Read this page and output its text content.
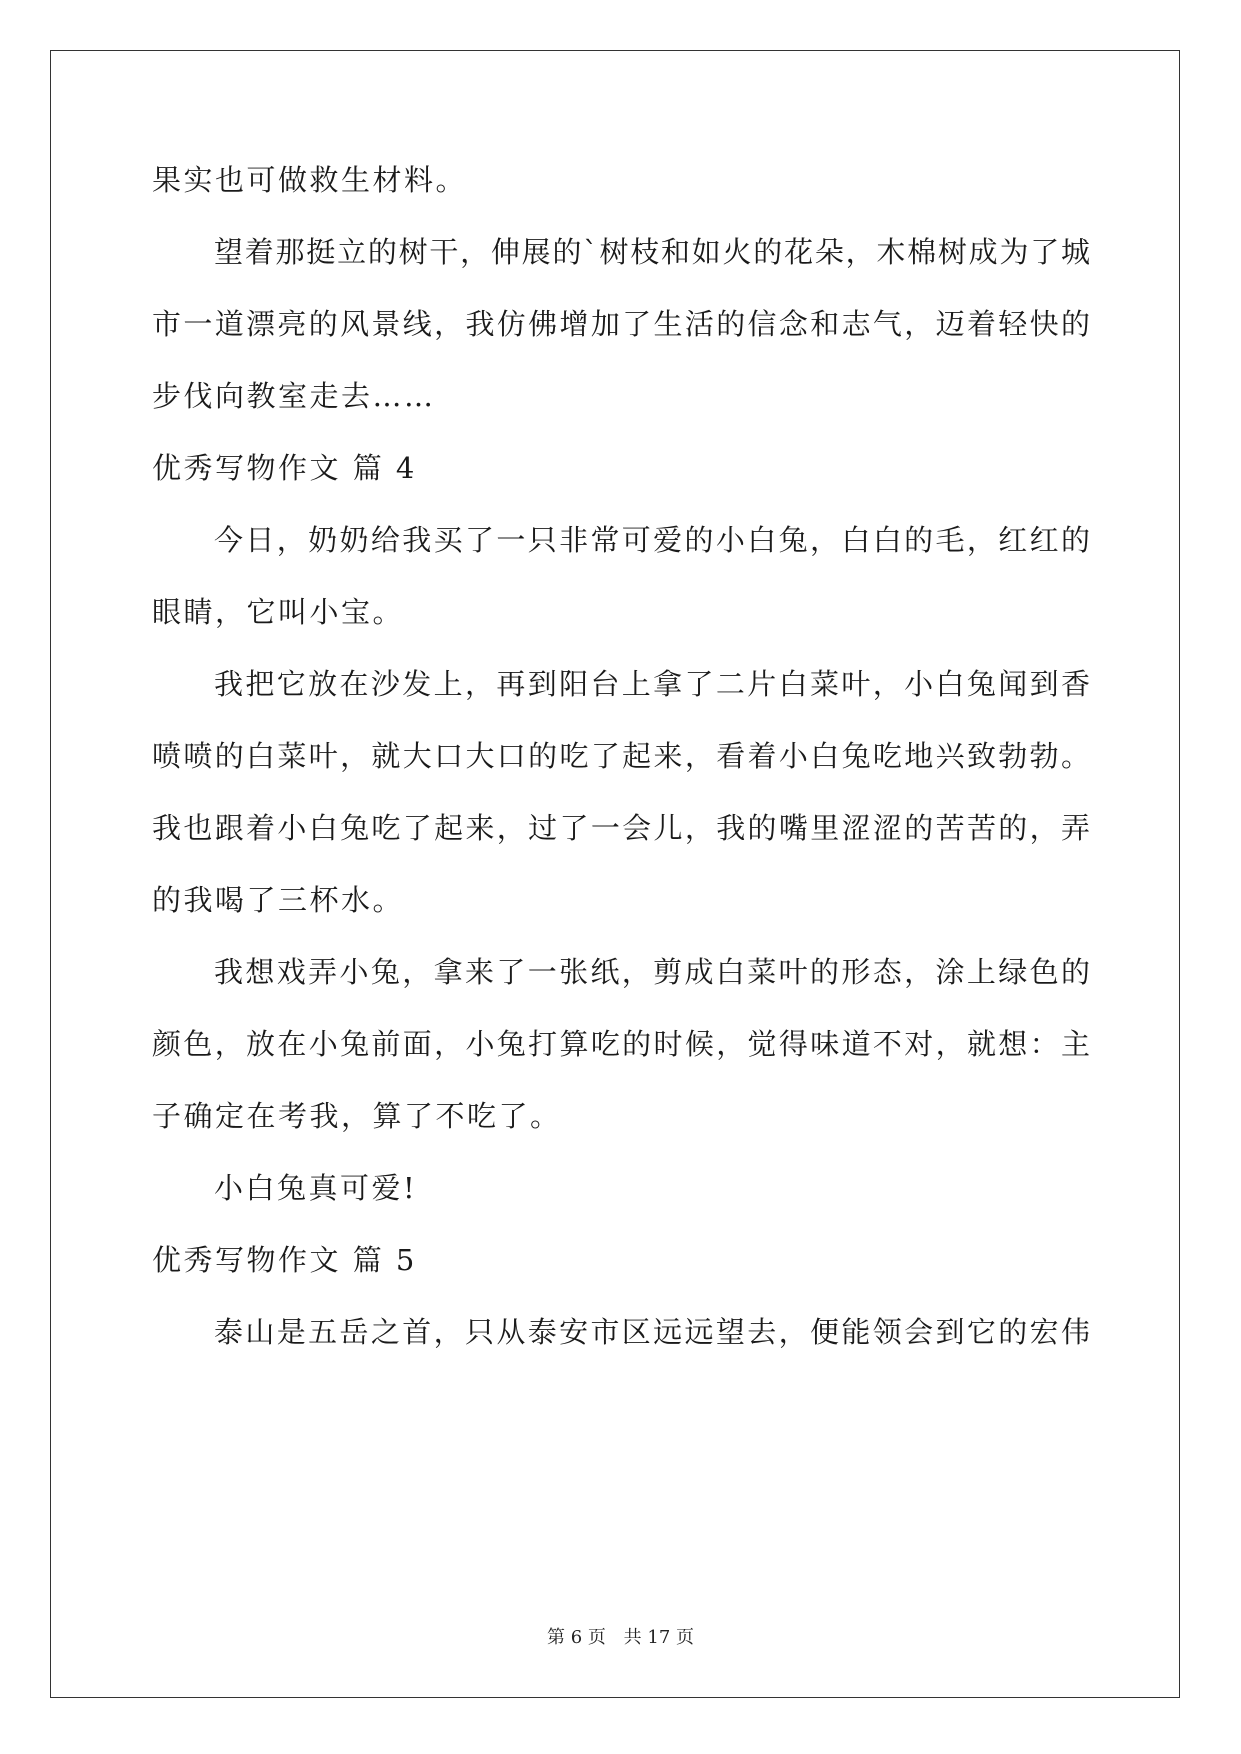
果实也可做救生材料。
望着那挺立的树干，伸展的`树枝和如火的花朵，木棉树成为了城
市一道漂亮的风景线，我仿佛增加了生活的信念和志气，迈着轻快的
步伐向教室走去……
优秀写物作文 篇 4
今日，奶奶给我买了一只非常可爱的小白兔，白白的毛，红红的
眼睛，它叫小宝。
我把它放在沙发上，再到阳台上拿了二片白菜叶，小白兔闻到香
喷喷的白菜叶，就大口大口的吃了起来，看着小白兔吃地兴致勃勃。
我也跟着小白兔吃了起来，过了一会儿，我的嘴里涩涩的苦苦的，弄
的我喝了三杯水。
我想戏弄小兔，拿来了一张纸，剪成白菜叶的形态，涂上绿色的
颜色，放在小兔前面，小兔打算吃的时候，觉得味道不对，就想：主
子确定在考我，算了不吃了。
小白兔真可爱!
优秀写物作文 篇 5
泰山是五岳之首，只从泰安市区远远望去，便能领会到它的宏伟
第 6 页 共 17 页
